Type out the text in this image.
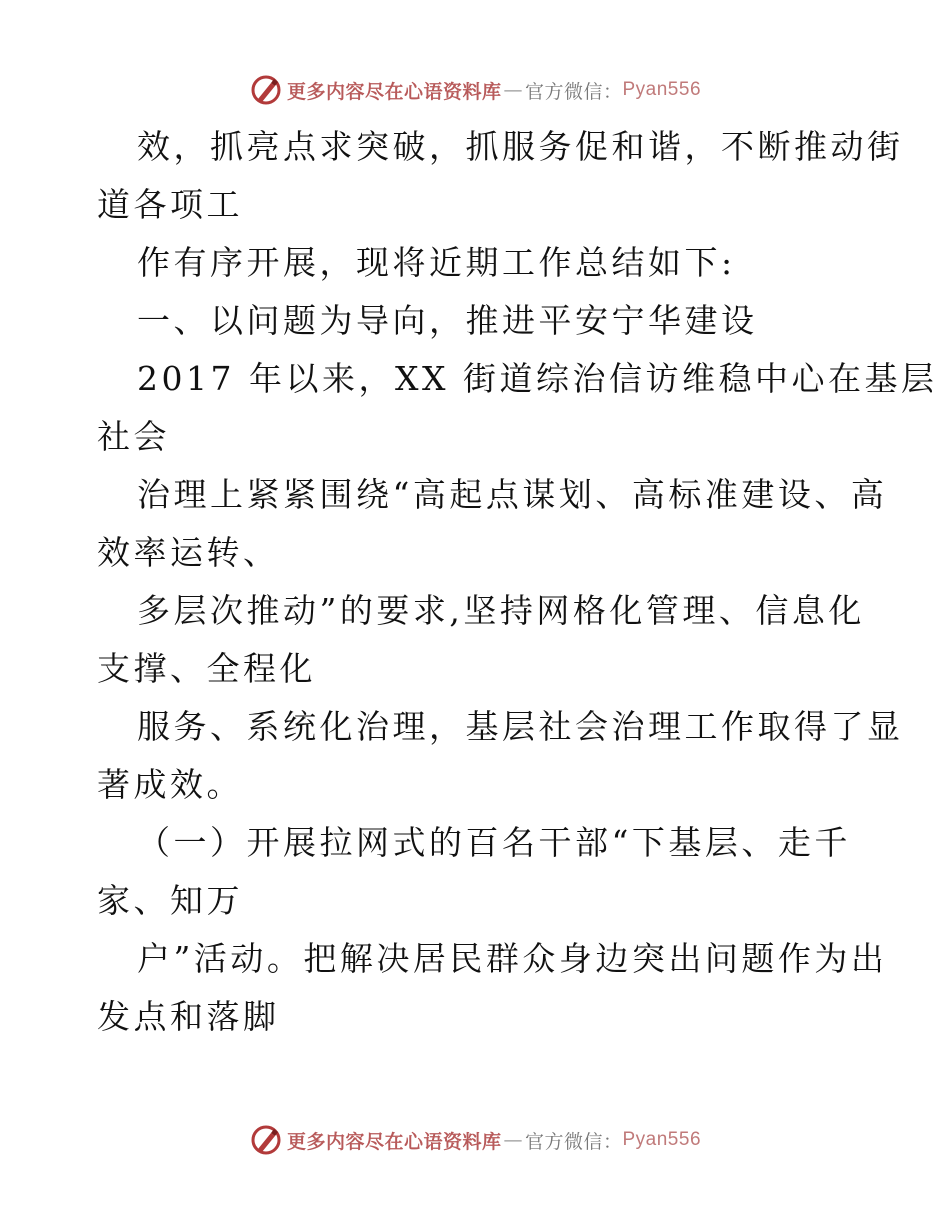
更多内容尽在心语资料库 — 官方微信： Pyan556
效，抓亮点求突破，抓服务促和谐，不断推动街
道各项工
作有序开展，现将近期工作总结如下:
一、以问题为导向，推进平安宁华建设
2017 年以来，XX 街道综治信访维稳中心在基层
社会
治理上紧紧围绕“高起点谋划、高标准建设、高
效率运转、
多层次推动”的要求,坚持网格化管理、信息化
支撑、全程化
服务、系统化治理，基层社会治理工作取得了显
著成效。
（一）开展拉网式的百名干部“下基层、走千
家、知万
户”活动。把解决居民群众身边突出问题作为出
发点和落脚
更多内容尽在心语资料库 — 官方微信： Pyan556
